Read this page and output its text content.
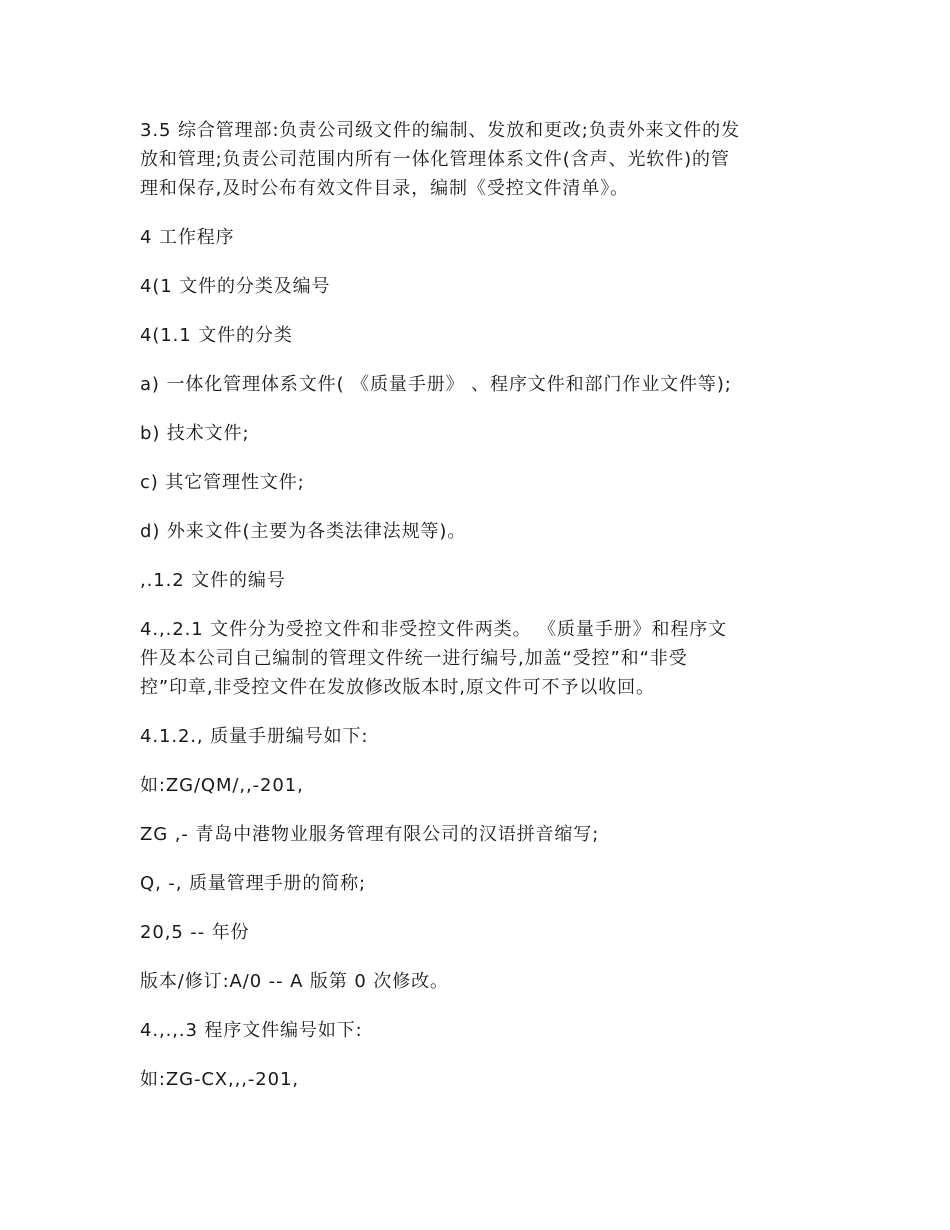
3.5 综合管理部:负责公司级文件的编制、发放和更改;负责外来文件的发
放和管理;负责公司范围内所有一体化管理体系文件(含声、光软件)的管
理和保存,及时公布有效文件目录，编制《受控文件清单》。

4 工作程序

4(1 文件的分类及编号

4(1.1 文件的分类

a) 一体化管理体系文件( 《质量手册》 、程序文件和部门作业文件等);

b) 技术文件;

c) 其它管理性文件;

d) 外来文件(主要为各类法律法规等)。

,.1.2 文件的编号

4.,.2.1 文件分为受控文件和非受控文件两类。 《质量手册》和程序文
件及本公司自己编制的管理文件统一进行编号,加盖“受控”和“非受
控”印章,非受控文件在发放修改版本时,原文件可不予以收回。

4.1.2., 质量手册编号如下:

如:ZG/QM/,,-201,

ZG ,- 青岛中港物业服务管理有限公司的汉语拼音缩写;

Q, -, 质量管理手册的简称;

20,5 -- 年份

版本/修订:A/0 -- A 版第 0 次修改。

4.,.,.3 程序文件编号如下:

如:ZG-CX,,,-201,
